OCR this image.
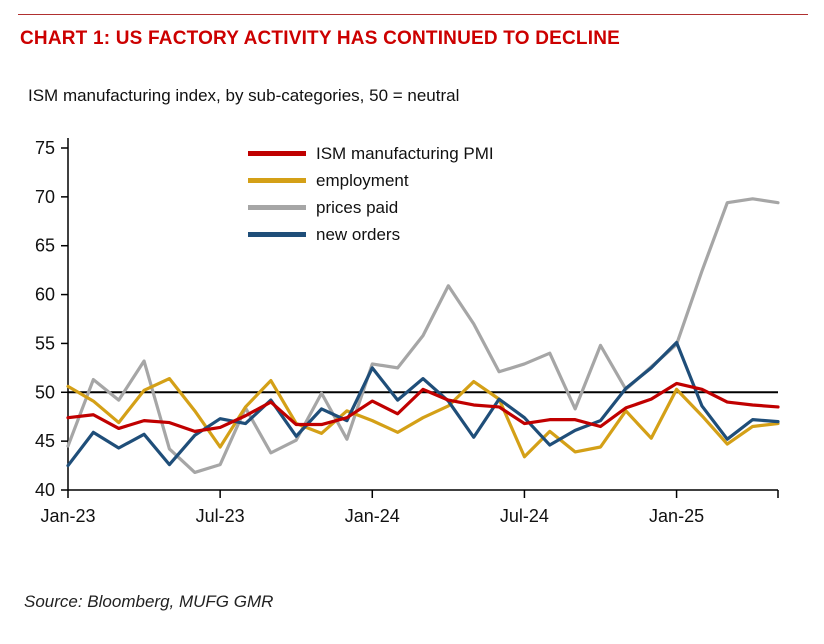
CHART 1: US FACTORY ACTIVITY HAS CONTINUED TO DECLINE
ISM manufacturing index, by sub-categories, 50 = neutral
40
45
50
55
60
65
70
75
Jan-23	Jul-23	Jan-24	Jul-24	Jan-25
ISM manufacturing PMI
employment
prices paid
new orders
Source: Bloomberg, MUFG GMR
